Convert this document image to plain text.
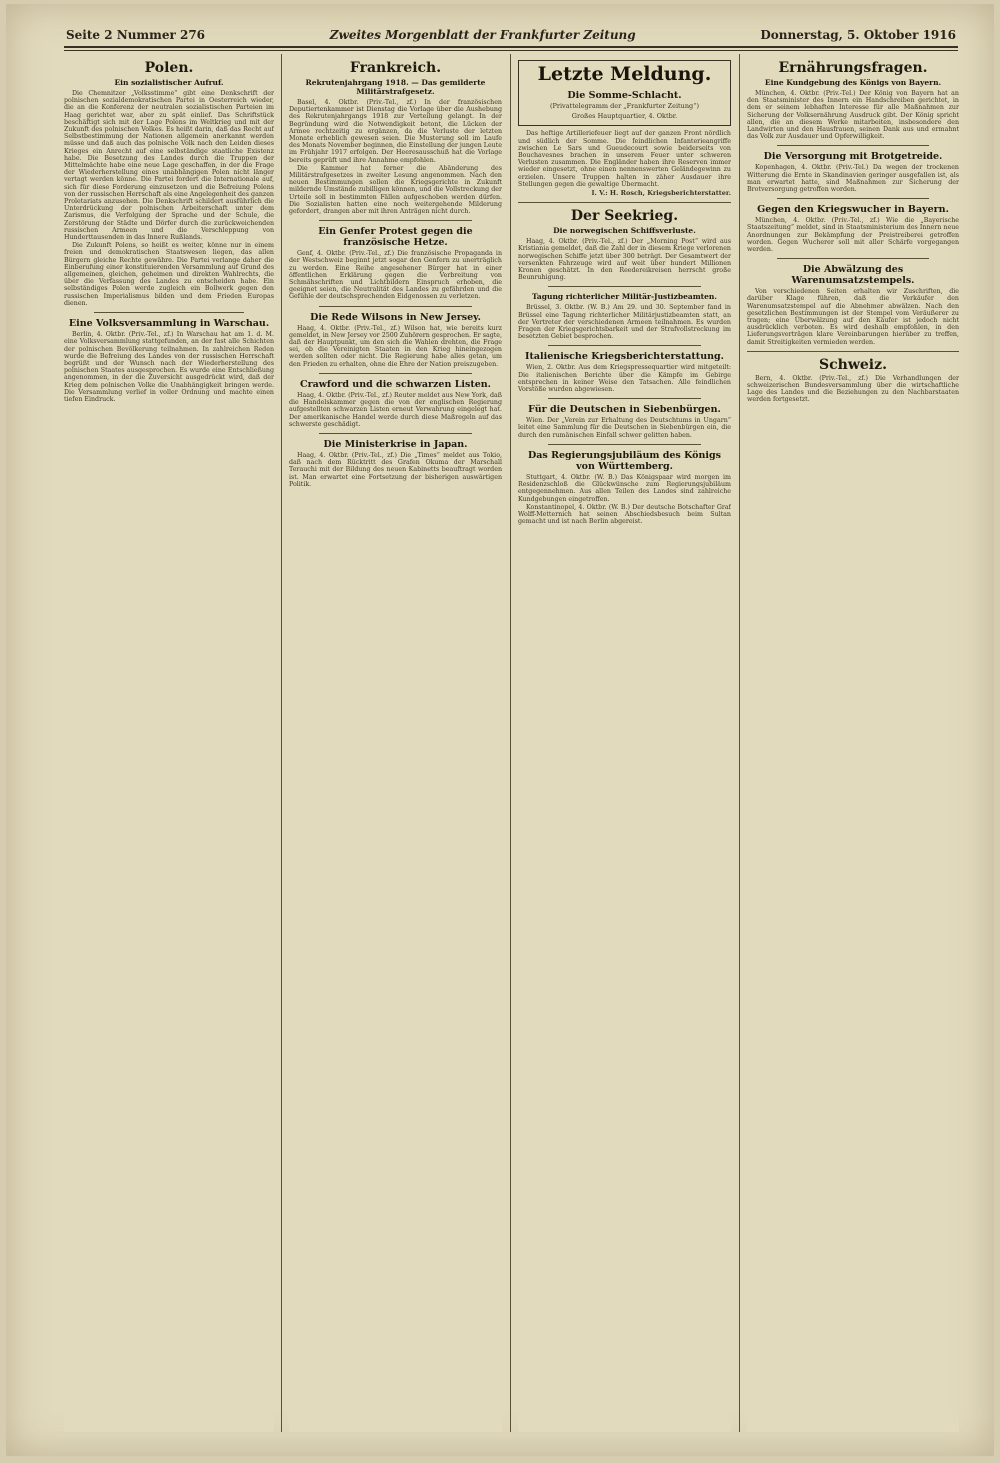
Seite 2 Nummer 276	Zweites Morgenblatt der Frankfurter Zeitung	Donnerstag, 5. Oktober 1916
Polen.
Ein sozialistischer Aufruf.

Die Chemnitzer „Volksstimme“ gibt eine Denkschrift der polnischen sozialdemokratischen Partei in Oesterreich wieder, die an die Konferenz der neutralen sozialistischen Parteien im Haag gerichtet war, aber zu spät einlief. Das Schriftstück beschäftigt sich mit der Lage Polens im Weltkrieg und mit der Zukunft des polnischen Volkes. Es heißt darin, daß das Recht auf Selbstbestimmung der Nationen allgemein anerkannt werden müsse und daß auch das polnische Volk nach den Leiden dieses Krieges ein Anrecht auf eine selbständige staatliche Existenz habe. Die Besetzung des Landes durch die Truppen der Mittelmächte habe eine neue Lage geschaffen, in der die Frage der Wiederherstellung eines unabhängigen Polen nicht länger vertagt werden könne. Die Partei fordert die Internationale auf, sich für diese Forderung einzusetzen und die Befreiung Polens von der russischen Herrschaft als eine Angelegenheit des ganzen Proletariats anzusehen. Die Denkschrift schildert ausführlich die Unterdrückung der polnischen Arbeiterschaft unter dem Zarismus, die Verfolgung der Sprache und der Schule, die Zerstörung der Städte und Dörfer durch die zurückweichenden russischen Armeen und die Verschleppung von Hunderttausenden in das Innere Rußlands.

Die Zukunft Polens, so heißt es weiter, könne nur in einem freien und demokratischen Staatswesen liegen, das allen Bürgern gleiche Rechte gewähre. Die Partei verlange daher die Einberufung einer konstituierenden Versammlung auf Grund des allgemeinen, gleichen, geheimen und direkten Wahlrechts, die über die Verfassung des Landes zu entscheiden habe. Ein selbständiges Polen werde zugleich ein Bollwerk gegen den russischen Imperialismus bilden und dem Frieden Europas dienen.

Eine Volksversammlung in Warschau.

Berlin, 4. Oktbr. (Priv.-Tel., zf.) In Warschau hat am 1. d. M. eine Volksversammlung stattgefunden, an der fast alle Schichten der polnischen Bevölkerung teilnahmen. In zahlreichen Reden wurde die Befreiung des Landes von der russischen Herrschaft begrüßt und der Wunsch nach der Wiederherstellung des polnischen Staates ausgesprochen. Es wurde eine Entschließung angenommen, in der die Zuversicht ausgedrückt wird, daß der Krieg dem polnischen Volke die Unabhängigkeit bringen werde. Die Versammlung verlief in voller Ordnung und machte einen tiefen Eindruck.

Frankreich.
Rekrutenjahrgang 1918. — Das gemilderte Militärstrafgesetz.

Basel, 4. Oktbr. (Priv.-Tel., zf.) In der französischen Deputiertenkammer ist Dienstag die Vorlage über die Aushebung des Rekrutenjahrgangs 1918 zur Verteilung gelangt. In der Begründung wird die Notwendigkeit betont, die Lücken der Armee rechtzeitig zu ergänzen, da die Verluste der letzten Monate erheblich gewesen seien. Die Musterung soll im Laufe des Monats November beginnen, die Einstellung der jungen Leute im Frühjahr 1917 erfolgen. Der Heeresausschuß hat die Vorlage bereits geprüft und ihre Annahme empfohlen.

Die Kammer hat ferner die Abänderung des Militärstrafgesetzes in zweiter Lesung angenommen. Nach den neuen Bestimmungen sollen die Kriegsgerichte in Zukunft mildernde Umstände zubilligen können, und die Vollstreckung der Urteile soll in bestimmten Fällen aufgeschoben werden dürfen. Die Sozialisten hatten eine noch weitergehende Milderung gefordert, drangen aber mit ihren Anträgen nicht durch.

Ein Genfer Protest gegen die französische Hetze.

Genf, 4. Oktbr. (Priv.-Tel., zf.) Die französische Propaganda in der Westschweiz beginnt jetzt sogar den Genfern zu unerträglich zu werden. Eine Reihe angesehener Bürger hat in einer öffentlichen Erklärung gegen die Verbreitung von Schmähschriften und Lichtbildern Einspruch erhoben, die geeignet seien, die Neutralität des Landes zu gefährden und die Gefühle der deutschsprechenden Eidgenossen zu verletzen.

Die Rede Wilsons in New Jersey.

Haag, 4. Oktbr. (Priv.-Tel., zf.) Wilson hat, wie bereits kurz gemeldet, in New Jersey vor 2500 Zuhörern gesprochen. Er sagte, daß der Hauptpunkt, um den sich die Wahlen drehten, die Frage sei, ob die Vereinigten Staaten in den Krieg hineingezogen werden sollten oder nicht. Die Regierung habe alles getan, um den Frieden zu erhalten, ohne die Ehre der Nation preiszugeben.

Crawford und die schwarzen Listen.

Haag, 4. Oktbr. (Priv.-Tel., zf.) Reuter meldet aus New York, daß die Handelskammer gegen die von der englischen Regierung aufgestellten schwarzen Listen erneut Verwahrung eingelegt hat. Der amerikanische Handel werde durch diese Maßregeln auf das schwerste geschädigt.

Die Ministerkrise in Japan.

Haag, 4. Oktbr. (Priv.-Tel., zf.) Die „Times“ meldet aus Tokio, daß nach dem Rücktritt des Grafen Okuma der Marschall Terauchi mit der Bildung des neuen Kabinetts beauftragt worden ist. Man erwartet eine Fortsetzung der bisherigen auswärtigen Politik.

Letzte Meldung.
Die Somme-Schlacht.
(Privattelegramm der „Frankfurter Zeitung“)
Großes Hauptquartier, 4. Oktbr.

Das heftige Artilleriefeuer liegt auf der ganzen Front nördlich und südlich der Somme. Die feindlichen Infanterieangriffe zwischen Le Sars und Gueudecourt sowie beiderseits von Bouchavesnes brachen in unserem Feuer unter schweren Verlusten zusammen. Die Engländer haben ihre Reserven immer wieder eingesetzt, ohne einen nennenswerten Geländegewinn zu erzielen. Unsere Truppen halten in zäher Ausdauer ihre Stellungen gegen die gewaltige Übermacht.

I. V.: H. Rosch, Kriegsberichterstatter.
Der Seekrieg.
Die norwegischen Schiffsverluste.

Haag, 4. Oktbr. (Priv.-Tel., zf.) Der „Morning Post“ wird aus Kristiania gemeldet, daß die Zahl der in diesem Kriege verlorenen norwegischen Schiffe jetzt über 300 beträgt. Der Gesamtwert der versenkten Fahrzeuge wird auf weit über hundert Millionen Kronen geschätzt. In den Reedereikreisen herrscht große Beunruhigung.

Tagung richterlicher Militär-Justizbeamten.

Brüssel, 3. Oktbr. (W. B.) Am 29. und 30. September fand in Brüssel eine Tagung richterlicher Militärjustizbeamten statt, an der Vertreter der verschiedenen Armeen teilnahmen. Es wurden Fragen der Kriegsgerichtsbarkeit und der Strafvollstreckung im besetzten Gebiet besprochen.

Italienische Kriegsberichterstattung.

Wien, 2. Oktbr. Aus dem Kriegspressequartier wird mitgeteilt: Die italienischen Berichte über die Kämpfe im Gebirge entsprechen in keiner Weise den Tatsachen. Alle feindlichen Vorstöße wurden abgewiesen.

Für die Deutschen in Siebenbürgen.

Wien. Der „Verein zur Erhaltung des Deutschtums in Ungarn“ leitet eine Sammlung für die Deutschen in Siebenbürgen ein, die durch den rumänischen Einfall schwer gelitten haben.

Das Regierungsjubiläum des Königs von Württemberg.

Stuttgart, 4. Oktbr. (W. B.) Das Königspaar wird morgen im Residenzschloß die Glückwünsche zum Regierungsjubiläum entgegennehmen. Aus allen Teilen des Landes sind zahlreiche Kundgebungen eingetroffen.

Konstantinopel, 4. Oktbr. (W. B.) Der deutsche Botschafter Graf Wolff-Metternich hat seinen Abschiedsbesuch beim Sultan gemacht und ist nach Berlin abgereist.

Ernährungsfragen.
Eine Kundgebung des Königs von Bayern.

München, 4. Oktbr. (Priv.-Tel.) Der König von Bayern hat an den Staatsminister des Innern ein Handschreiben gerichtet, in dem er seinem lebhaften Interesse für alle Maßnahmen zur Sicherung der Volksernährung Ausdruck gibt. Der König spricht allen, die an diesem Werke mitarbeiten, insbesondere den Landwirten und den Hausfrauen, seinen Dank aus und ermahnt das Volk zur Ausdauer und Opferwilligkeit.

Die Versorgung mit Brotgetreide.

Kopenhagen, 4. Oktbr. (Priv.-Tel.) Da wegen der trockenen Witterung die Ernte in Skandinavien geringer ausgefallen ist, als man erwartet hatte, sind Maßnahmen zur Sicherung der Brotversorgung getroffen worden.

Gegen den Kriegswucher in Bayern.

München, 4. Oktbr. (Priv.-Tel., zf.) Wie die „Bayerische Staatszeitung“ meldet, sind in Staatsministerium des Innern neue Anordnungen zur Bekämpfung der Preistreiberei getroffen worden. Gegen Wucherer soll mit aller Schärfe vorgegangen werden.

Die Abwälzung des Warenumsatzstempels.

Von verschiedenen Seiten erhalten wir Zuschriften, die darüber Klage führen, daß die Verkäufer den Warenumsatzstempel auf die Abnehmer abwälzen. Nach den gesetzlichen Bestimmungen ist der Stempel vom Veräußerer zu tragen; eine Überwälzung auf den Käufer ist jedoch nicht ausdrücklich verboten. Es wird deshalb empfohlen, in den Lieferungsverträgen klare Vereinbarungen hierüber zu treffen, damit Streitigkeiten vermieden werden.

Schweiz.

Bern, 4. Oktbr. (Priv.-Tel., zf.) Die Verhandlungen der schweizerischen Bundesversammlung über die wirtschaftliche Lage des Landes und die Beziehungen zu den Nachbarstaaten werden fortgesetzt.
